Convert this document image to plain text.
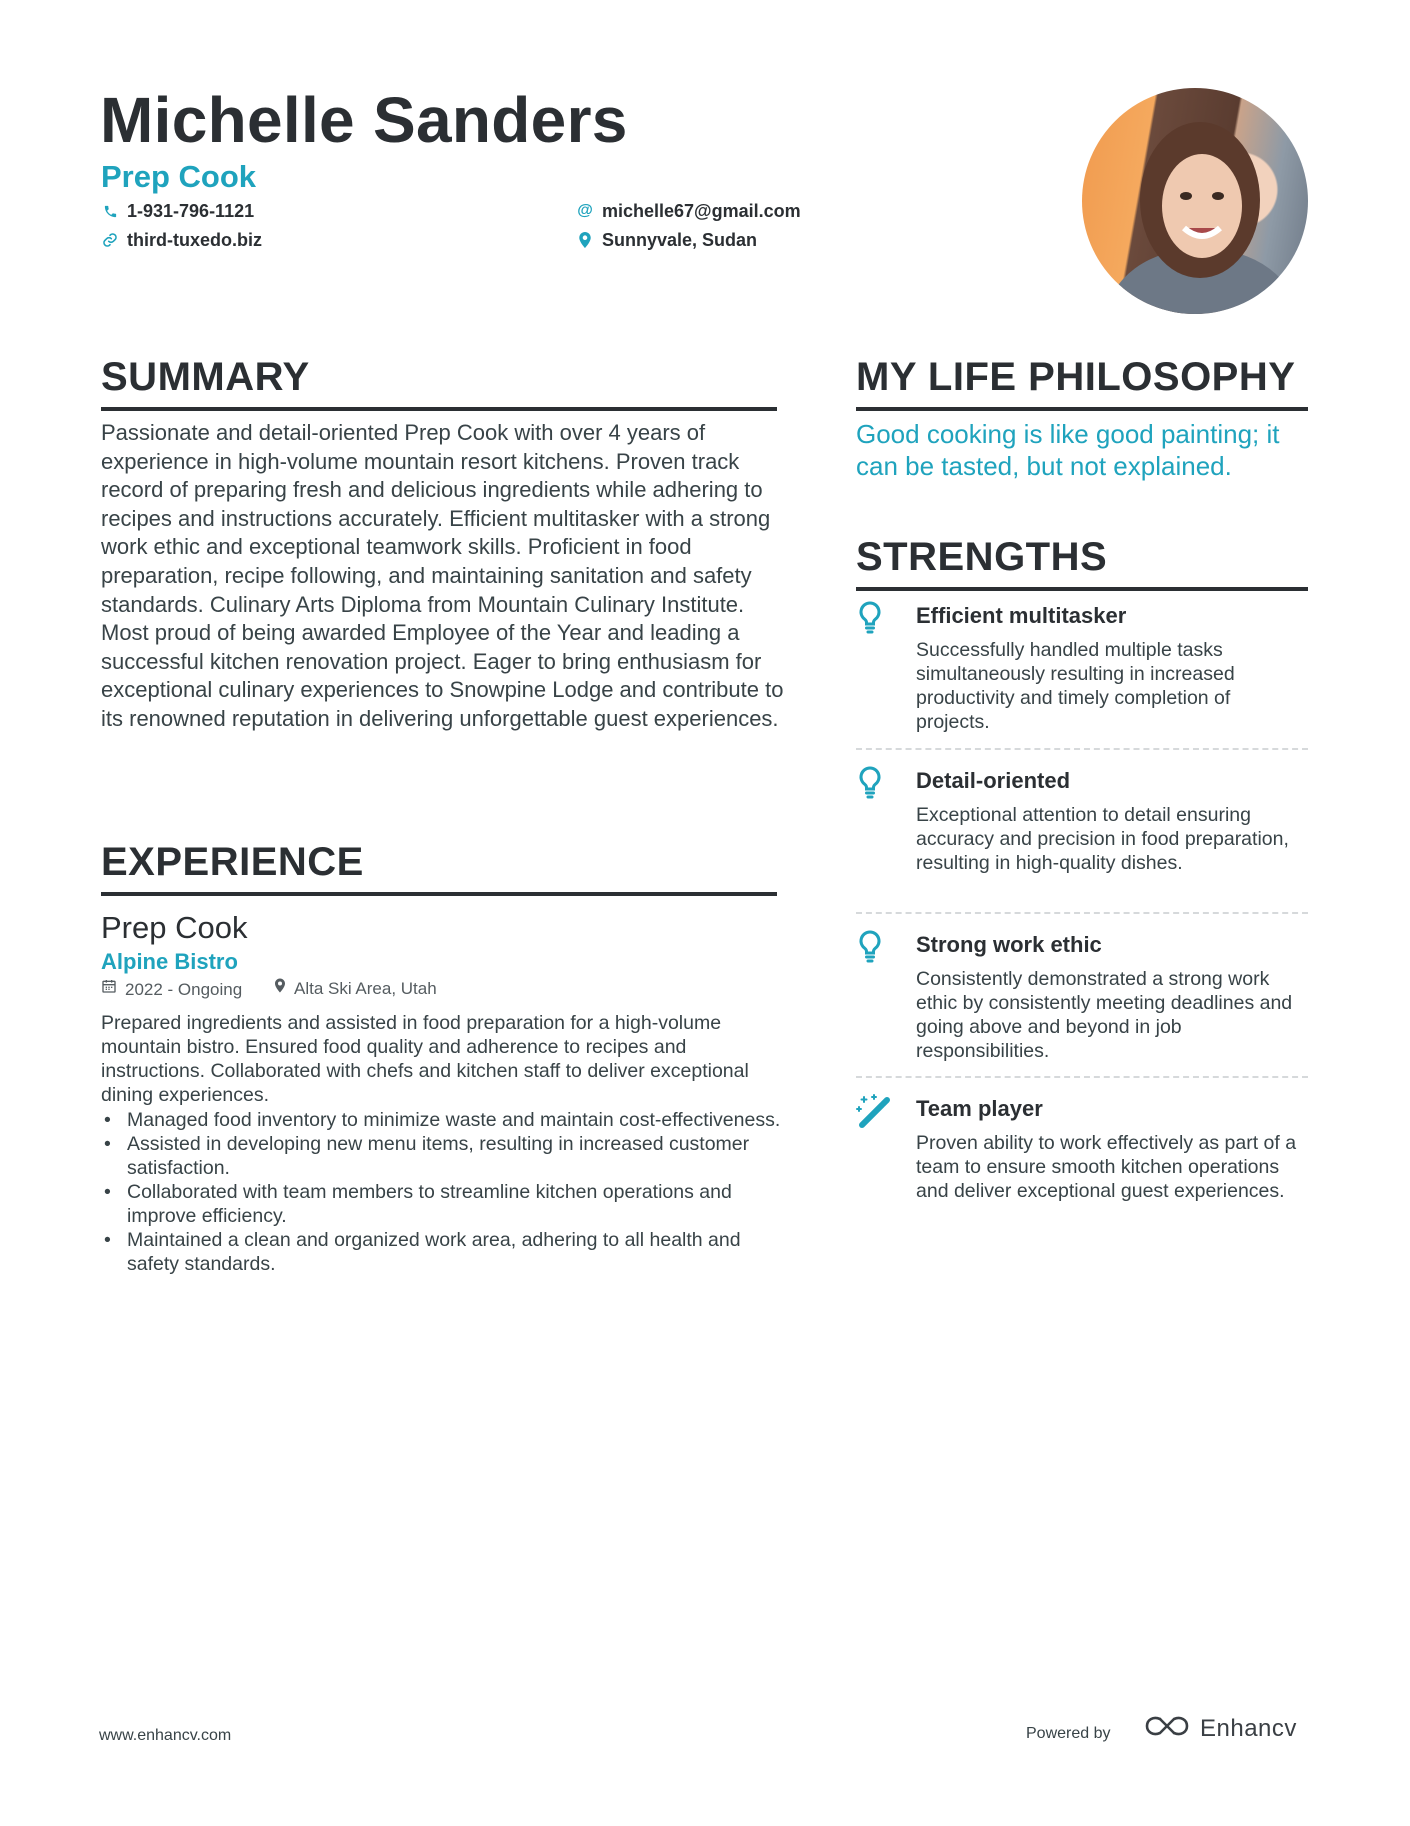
Michelle Sanders
Prep Cook
1-931-796-1121
third-tuxedo.biz
@ michelle67@gmail.com
Sunnyvale, Sudan
SUMMARY
Passionate and detail-oriented Prep Cook with over 4 years of experience in high-volume mountain resort kitchens. Proven track record of preparing fresh and delicious ingredients while adhering to recipes and instructions accurately. Efficient multitasker with a strong work ethic and exceptional teamwork skills. Proficient in food preparation, recipe following, and maintaining sanitation and safety standards. Culinary Arts Diploma from Mountain Culinary Institute. Most proud of being awarded Employee of the Year and leading a successful kitchen renovation project. Eager to bring enthusiasm for exceptional culinary experiences to Snowpine Lodge and contribute to its renowned reputation in delivering unforgettable guest experiences.
EXPERIENCE
Prep Cook
Alpine Bistro
2022 - Ongoing	Alta Ski Area, Utah
Prepared ingredients and assisted in food preparation for a high-volume mountain bistro. Ensured food quality and adherence to recipes and instructions. Collaborated with chefs and kitchen staff to deliver exceptional dining experiences.
• Managed food inventory to minimize waste and maintain cost-effectiveness.
• Assisted in developing new menu items, resulting in increased customer satisfaction.
• Collaborated with team members to streamline kitchen operations and improve efficiency.
• Maintained a clean and organized work area, adhering to all health and safety standards.
MY LIFE PHILOSOPHY
Good cooking is like good painting; it can be tasted, but not explained.
STRENGTHS
Efficient multitasker
Successfully handled multiple tasks simultaneously resulting in increased productivity and timely completion of projects.
Detail-oriented
Exceptional attention to detail ensuring accuracy and precision in food preparation, resulting in high-quality dishes.
Strong work ethic
Consistently demonstrated a strong work ethic by consistently meeting deadlines and going above and beyond in job responsibilities.
Team player
Proven ability to work effectively as part of a team to ensure smooth kitchen operations and deliver exceptional guest experiences.
www.enhancv.com	Powered by	Enhancv
